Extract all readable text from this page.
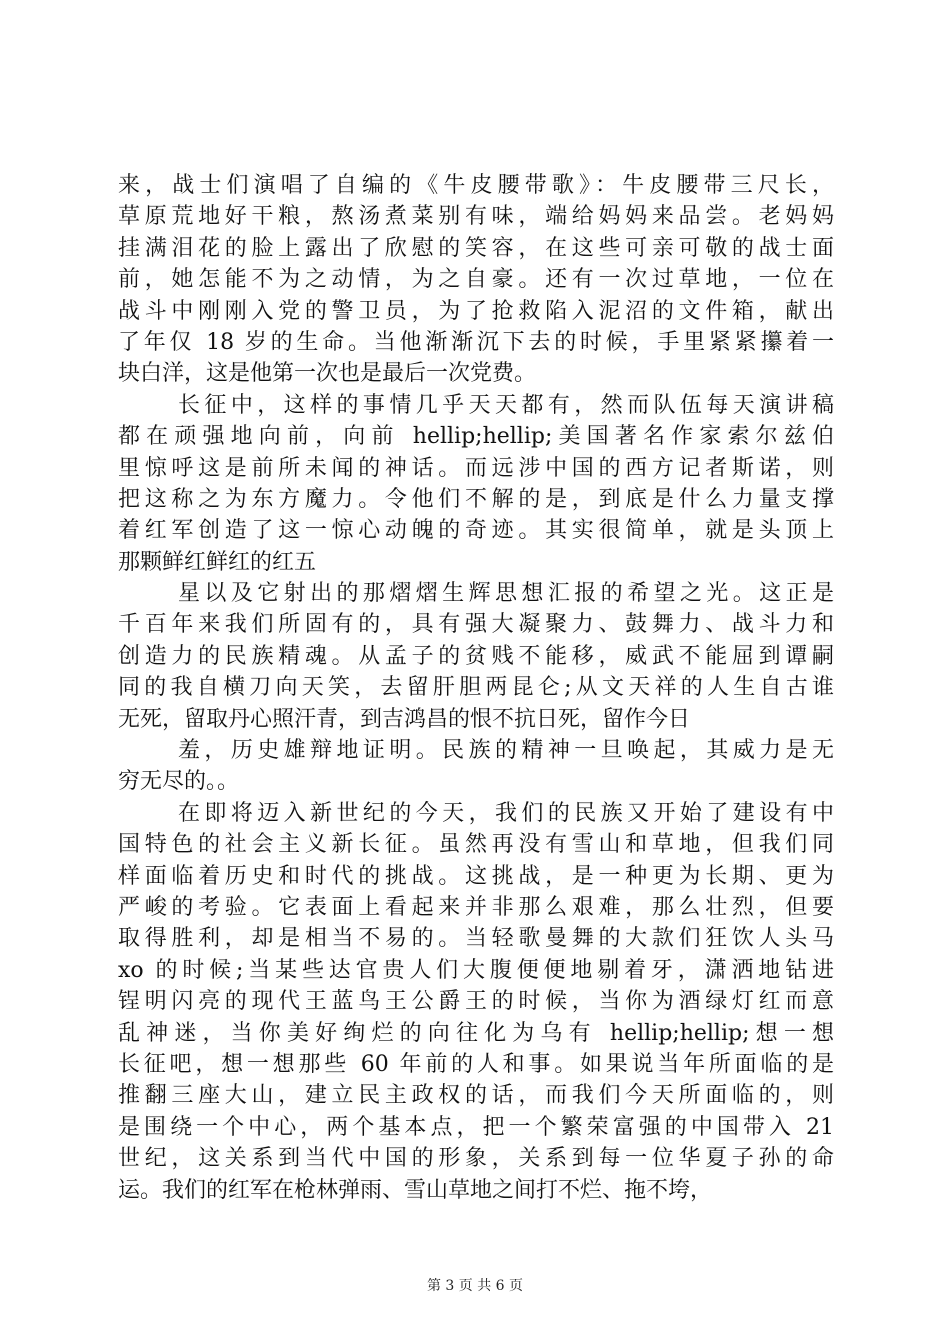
来，战士们演唱了自编的《牛皮腰带歌》：牛皮腰带三尺长，
草原荒地好干粮，熬汤煮菜别有味，端给妈妈来品尝。老妈妈
挂满泪花的脸上露出了欣慰的笑容，在这些可亲可敬的战士面
前，她怎能不为之动情，为之自豪。还有一次过草地，一位在
战斗中刚刚入党的警卫员，为了抢救陷入泥沼的文件箱，献出
了年仅 18 岁的生命。当他渐渐沉下去的时候，手里紧紧攥着一
块白洋，这是他第一次也是最后一次党费。
长征中，这样的事情几乎天天都有，然而队伍每天演讲稿
都在顽强地向前，向前 hellip;hellip;美国著名作家索尔兹伯
里惊呼这是前所未闻的神话。而远涉中国的西方记者斯诺，则
把这称之为东方魔力。令他们不解的是，到底是什么力量支撑
着红军创造了这一惊心动魄的奇迹。其实很简单，就是头顶上
那颗鲜红鲜红的红五
星以及它射出的那熠熠生辉思想汇报的希望之光。这正是
千百年来我们所固有的，具有强大凝聚力、鼓舞力、战斗力和
创造力的民族精魂。从孟子的贫贱不能移，威武不能屈到谭嗣
同的我自横刀向天笑，去留肝胆两昆仑;从文天祥的人生自古谁
无死，留取丹心照汗青，到吉鸿昌的恨不抗日死，留作今日
羞，历史雄辩地证明。民族的精神一旦唤起，其威力是无
穷无尽的。。
在即将迈入新世纪的今天，我们的民族又开始了建设有中
国特色的社会主义新长征。虽然再没有雪山和草地，但我们同
样面临着历史和时代的挑战。这挑战，是一种更为长期、更为
严峻的考验。它表面上看起来并非那么艰难，那么壮烈，但要
取得胜利，却是相当不易的。当轻歌曼舞的大款们狂饮人头马
xo 的时候;当某些达官贵人们大腹便便地剔着牙，潇洒地钻进
锃明闪亮的现代王蓝鸟王公爵王的时候，当你为酒绿灯红而意
乱神迷，当你美好绚烂的向往化为乌有 hellip;hellip;想一想
长征吧，想一想那些 60 年前的人和事。如果说当年所面临的是
推翻三座大山，建立民主政权的话，而我们今天所面临的，则
是围绕一个中心，两个基本点，把一个繁荣富强的中国带入 21
世纪，这关系到当代中国的形象，关系到每一位华夏子孙的命
运。我们的红军在枪林弹雨、雪山草地之间打不烂、拖不垮，
第 3 页 共 6 页
